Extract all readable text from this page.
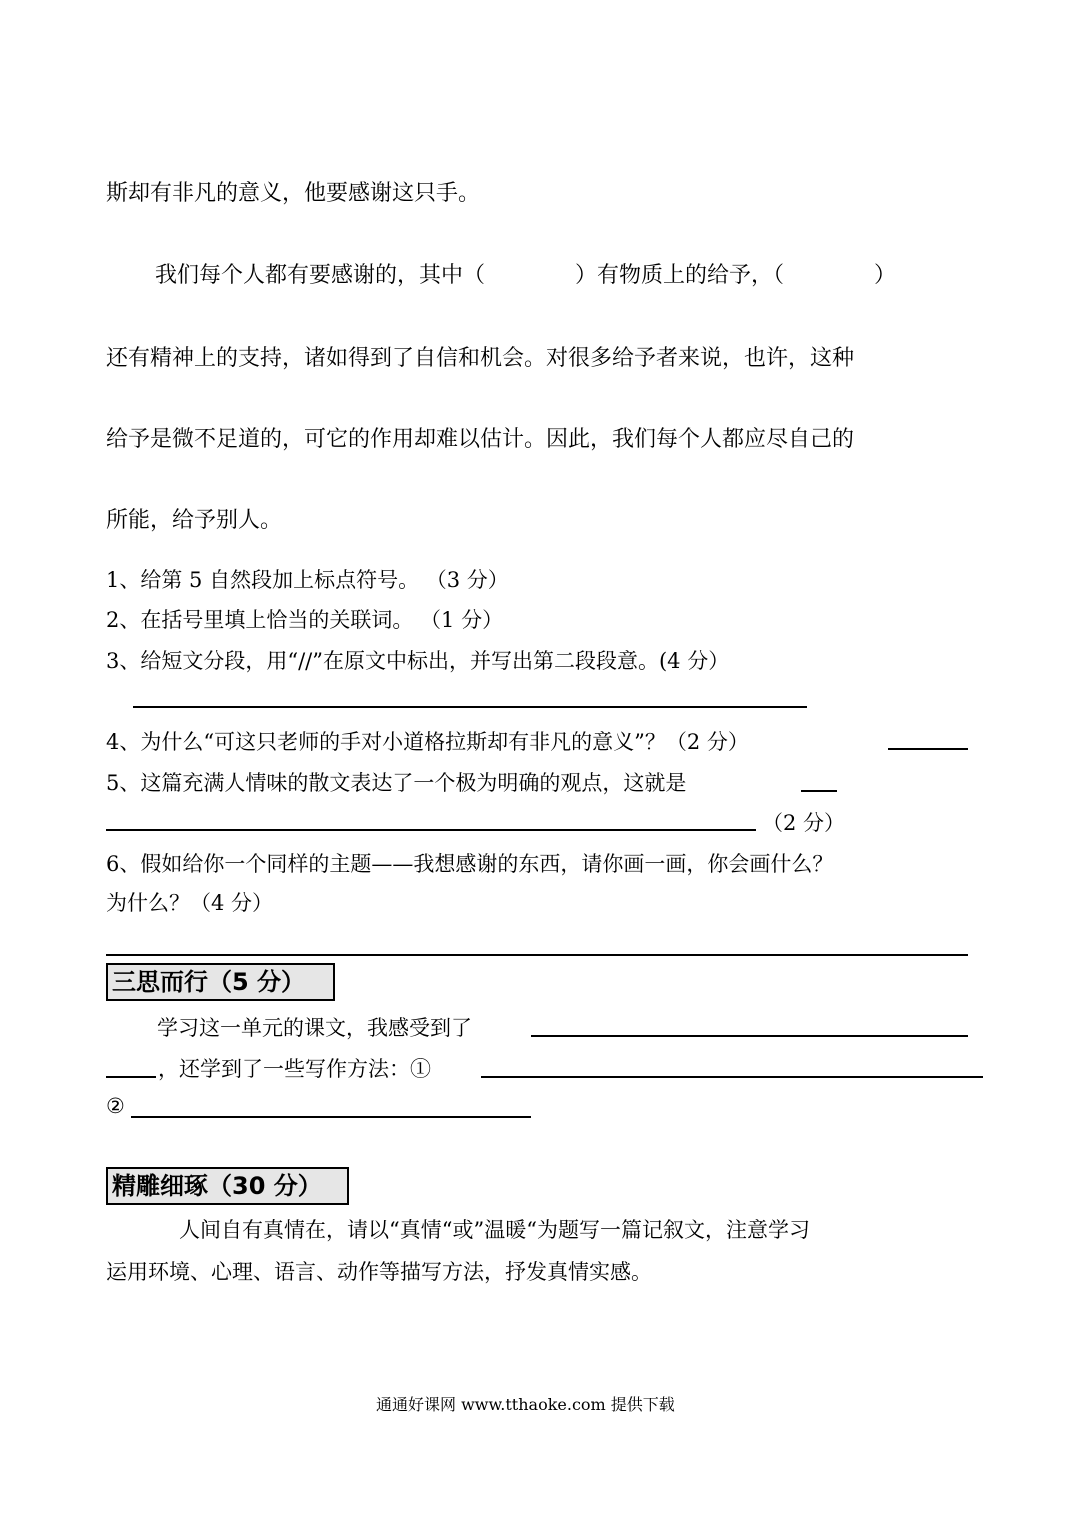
斯却有非凡的意义，他要感谢这只手。
我们每个人都有要感谢的，其中（	）有物质上的给予，（	）
还有精神上的支持，诸如得到了自信和机会。对很多给予者来说，也许，这种
给予是微不足道的，可它的作用却难以估计。因此，我们每个人都应尽自己的
所能，给予别人。
1、给第 5 自然段加上标点符号。 （3 分）
2、在括号里填上恰当的关联词。 （1 分）
3、给短文分段，用“//”在原文中标出，并写出第二段段意。(4 分）
4、为什么“可这只老师的手对小道格拉斯却有非凡的意义”？（2 分）
5、这篇充满人情味的散文表达了一个极为明确的观点，这就是
（2 分）
6、假如给你一个同样的主题——我想感谢的东西，请你画一画，你会画什么？
为什么？（4 分）
三思而行（5 分）
学习这一单元的课文，我感受到了
，还学到了一些写作方法：①
②
精雕细琢（30 分）
人间自有真情在，请以“真情“或”温暖“为题写一篇记叙文，注意学习
运用环境、心理、语言、动作等描写方法，抒发真情实感。
通通好课网 www.tthaoke.com 提供下载
